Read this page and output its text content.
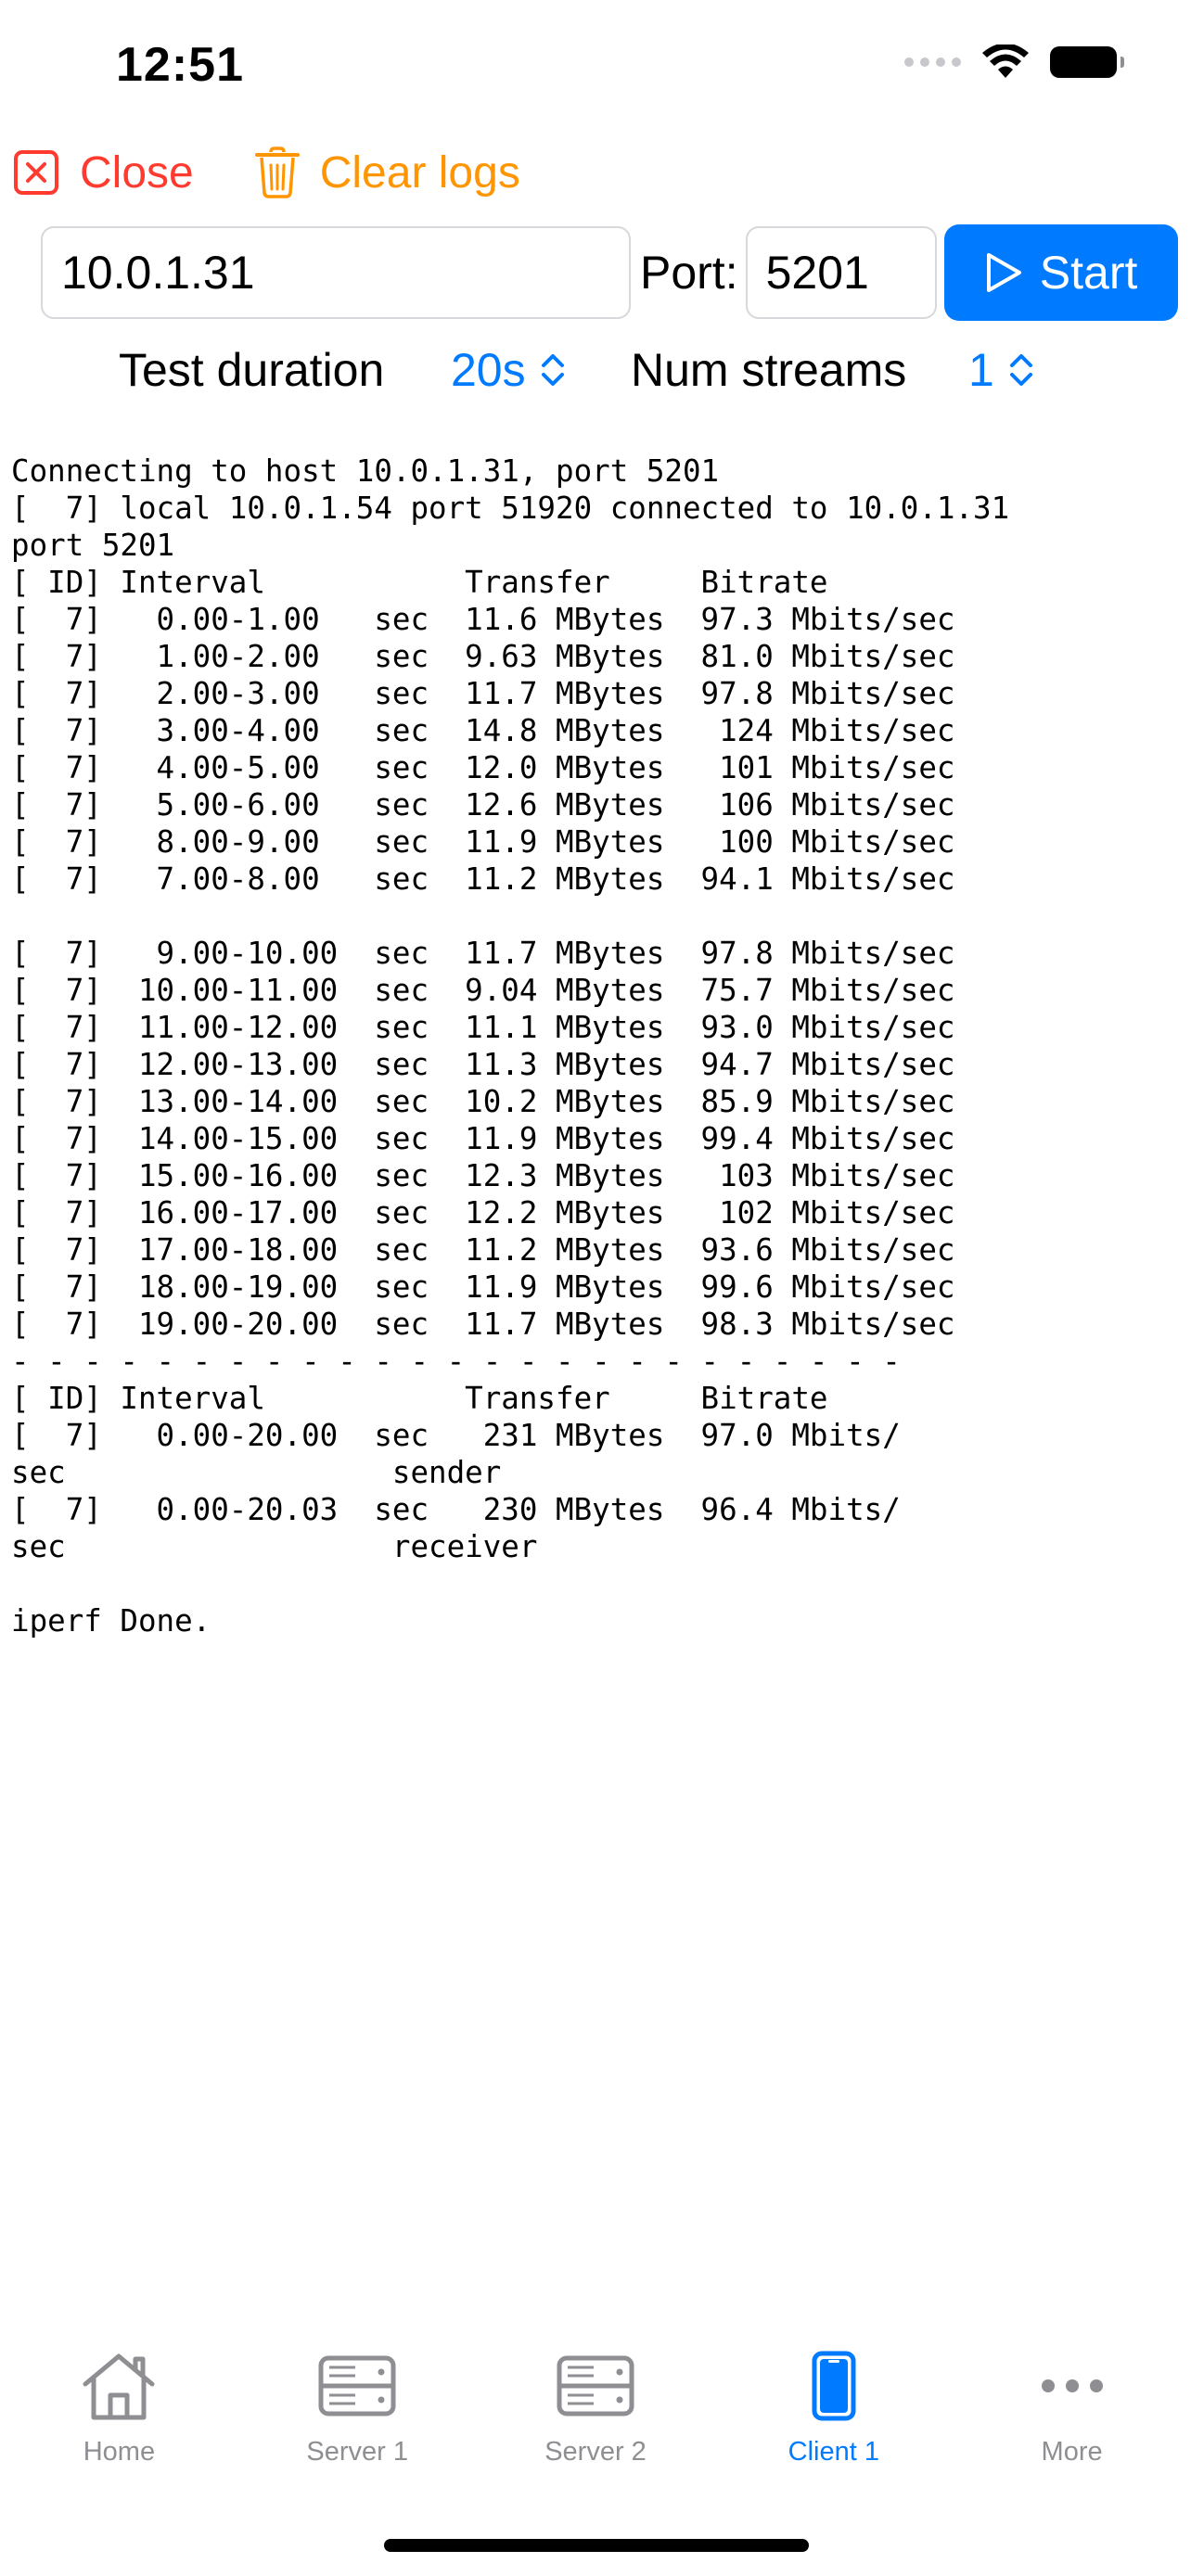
12:51
Close	Clear logs
10.0.1.31	Port: 5201	Start
Test duration 20s Num streams 1
Connecting to host 10.0.1.31, port 5201
[  7] local 10.0.1.54 port 51920 connected to 10.0.1.31
port 5201
[ ID] Interval           Transfer     Bitrate
[  7]   0.00-1.00   sec  11.6 MBytes  97.3 Mbits/sec
[  7]   1.00-2.00   sec  9.63 MBytes  81.0 Mbits/sec
[  7]   2.00-3.00   sec  11.7 MBytes  97.8 Mbits/sec
[  7]   3.00-4.00   sec  14.8 MBytes   124 Mbits/sec
[  7]   4.00-5.00   sec  12.0 MBytes   101 Mbits/sec
[  7]   5.00-6.00   sec  12.6 MBytes   106 Mbits/sec
[  7]   8.00-9.00   sec  11.9 MBytes   100 Mbits/sec
[  7]   7.00-8.00   sec  11.2 MBytes  94.1 Mbits/sec

[  7]   9.00-10.00  sec  11.7 MBytes  97.8 Mbits/sec
[  7]  10.00-11.00  sec  9.04 MBytes  75.7 Mbits/sec
[  7]  11.00-12.00  sec  11.1 MBytes  93.0 Mbits/sec
[  7]  12.00-13.00  sec  11.3 MBytes  94.7 Mbits/sec
[  7]  13.00-14.00  sec  10.2 MBytes  85.9 Mbits/sec
[  7]  14.00-15.00  sec  11.9 MBytes  99.4 Mbits/sec
[  7]  15.00-16.00  sec  12.3 MBytes   103 Mbits/sec
[  7]  16.00-17.00  sec  12.2 MBytes   102 Mbits/sec
[  7]  17.00-18.00  sec  11.2 MBytes  93.6 Mbits/sec
[  7]  18.00-19.00  sec  11.9 MBytes  99.6 Mbits/sec
[  7]  19.00-20.00  sec  11.7 MBytes  98.3 Mbits/sec
- - - - - - - - - - - - - - - - - - - - - - - - -
[ ID] Interval           Transfer     Bitrate
[  7]   0.00-20.00  sec   231 MBytes  97.0 Mbits/
sec                  sender
[  7]   0.00-20.03  sec   230 MBytes  96.4 Mbits/
sec                  receiver

iperf Done.
Home	Server 1	Server 2	Client 1	More
